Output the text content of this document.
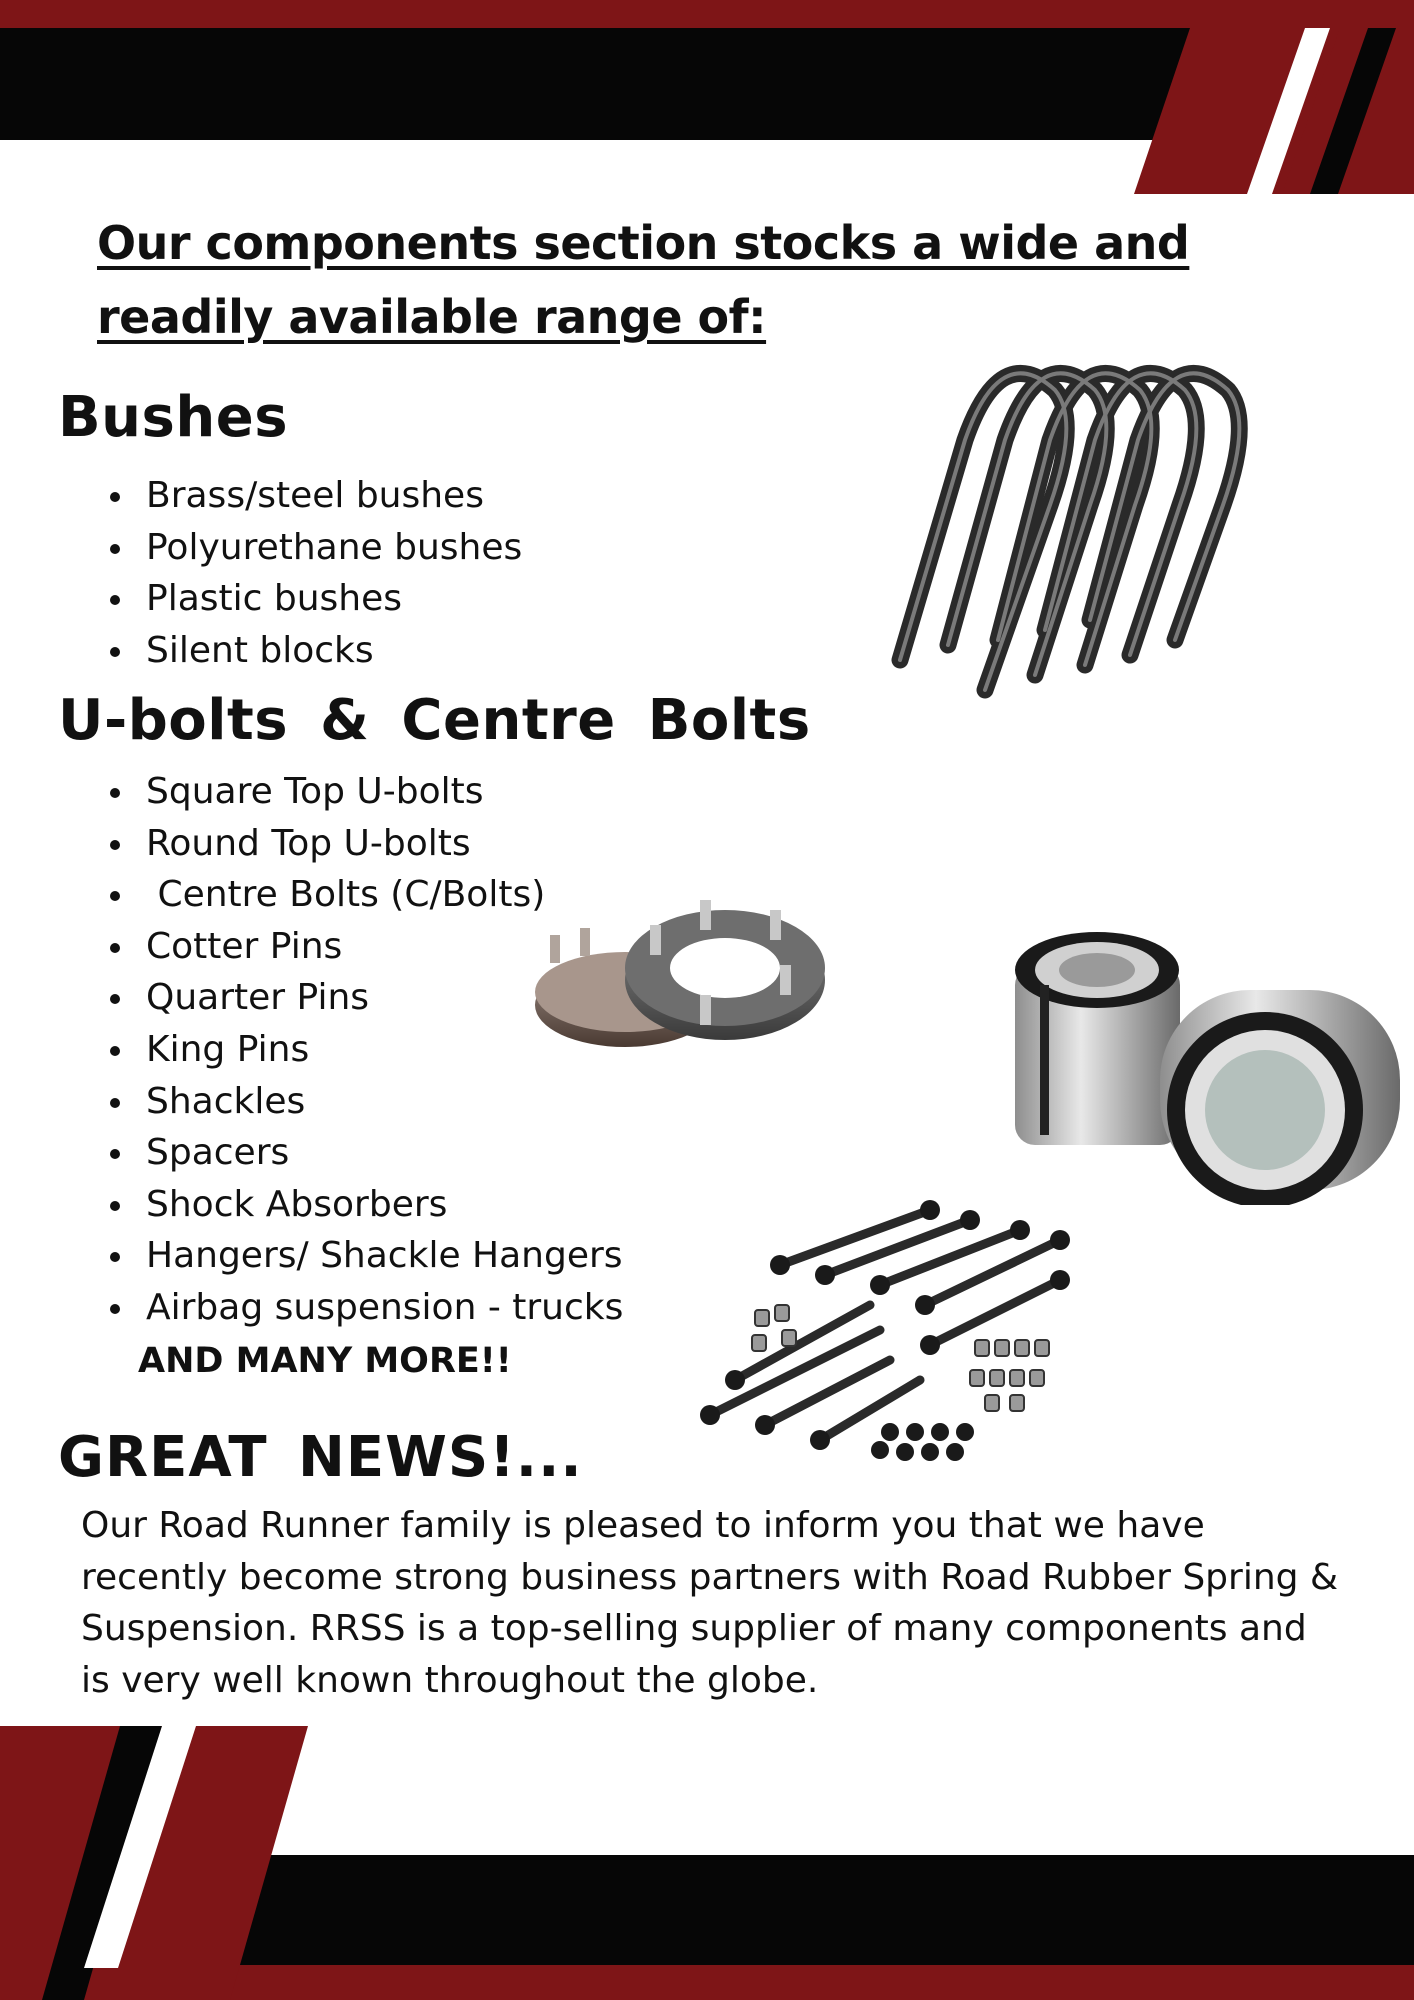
Our components section stocks a wide and readily available range of:
Bushes
Brass/steel bushes
Polyurethane bushes
Plastic bushes
Silent blocks
U-bolts & Centre Bolts
Square Top U-bolts
Round Top U-bolts
Centre Bolts (C/Bolts)
Cotter Pins
Quarter Pins
King Pins
Shackles
Spacers
Shock Absorbers
Hangers/ Shackle Hangers
Airbag suspension - trucks

AND MANY MORE!!

GREAT NEWS!...

Our Road Runner family is pleased to inform you that we have recently become strong business partners with Road Rubber Spring & Suspension. RRSS is a top-selling supplier of many components and is very well known throughout the globe.
